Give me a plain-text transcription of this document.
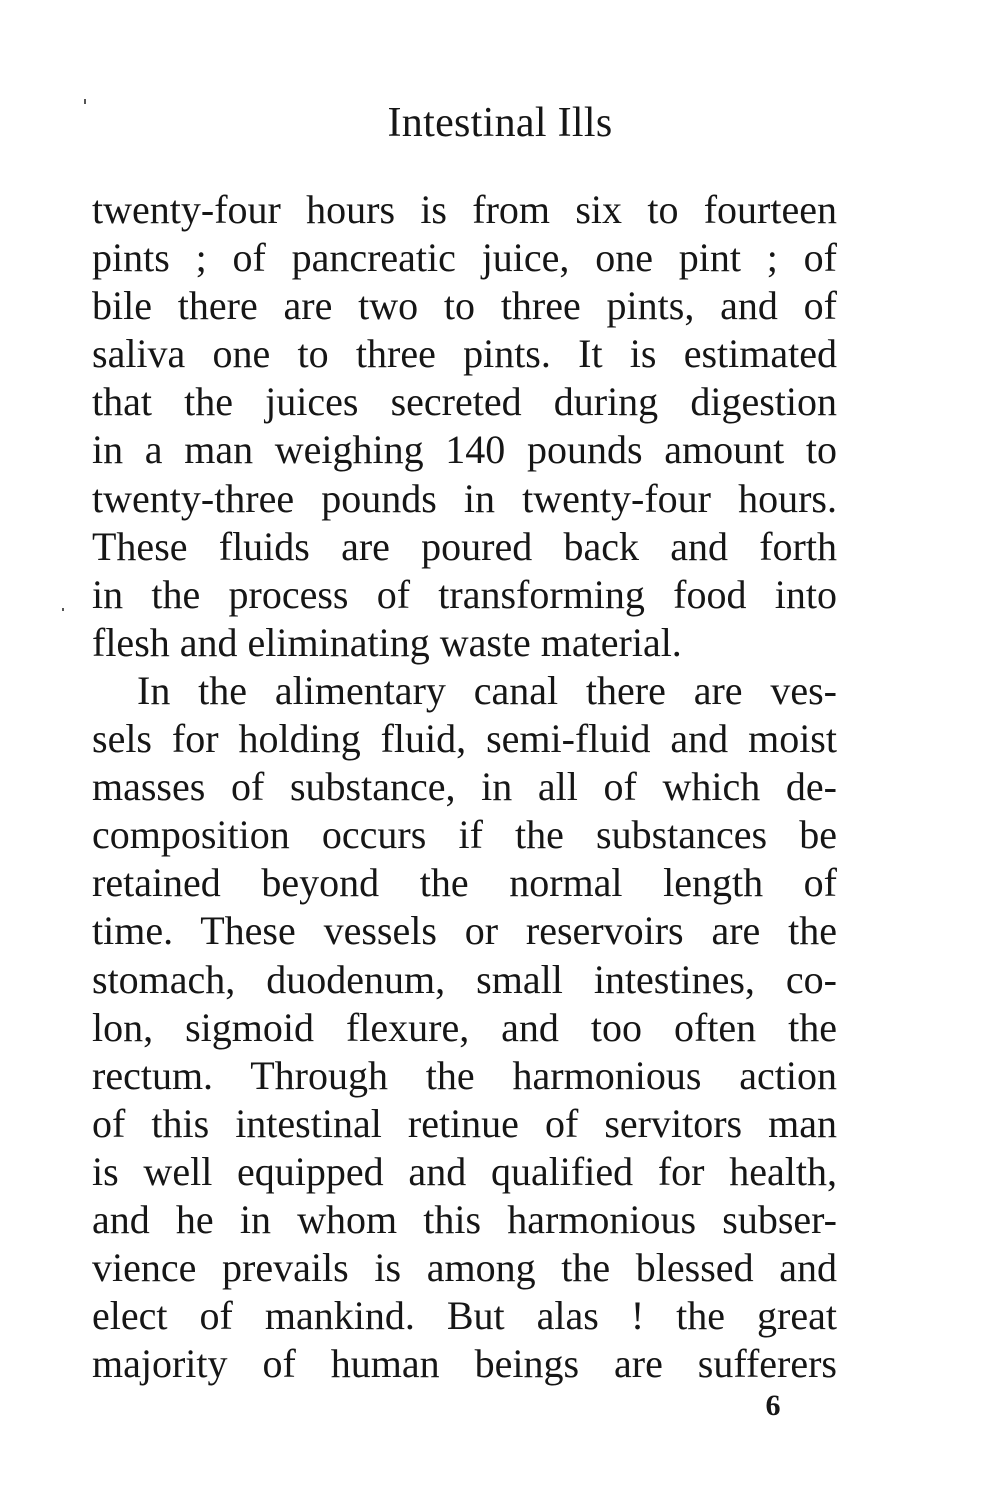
Intestinal Ills
twenty-four hours is from six to fourteen
pints ; of pancreatic juice, one pint ; of
bile there are two to three pints, and of
saliva one to three pints. It is estimated
that the juices secreted during digestion
in a man weighing 140 pounds amount to
twenty-three pounds in twenty-four hours.
These fluids are poured back and forth
in the process of transforming food into
flesh and eliminating waste material.
In the alimentary canal there are ves-
sels for holding fluid, semi-fluid and moist
masses of substance, in all of which de-
composition occurs if the substances be
retained beyond the normal length of
time. These vessels or reservoirs are the
stomach, duodenum, small intestines, co-
lon, sigmoid flexure, and too often the
rectum. Through the harmonious action
of this intestinal retinue of servitors man
is well equipped and qualified for health,
and he in whom this harmonious subser-
vience prevails is among the blessed and
elect of mankind. But alas ! the great
majority of human beings are sufferers
6
